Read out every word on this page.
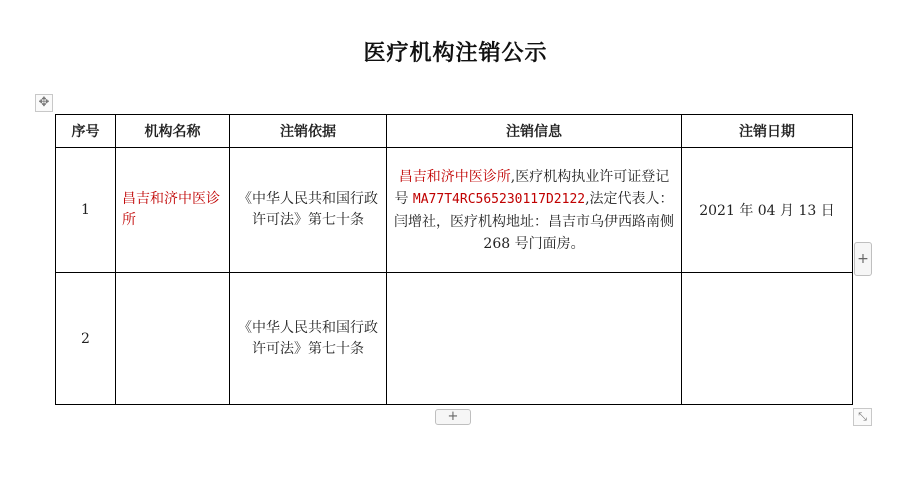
医疗机构注销公示
✥
序号	机构名称	注销依据	注销信息	注销日期
1	昌吉和济中医诊所	《中华人民共和国行政许可法》第七十条	昌吉和济中医诊所,医疗机构执业许可证登记号 MA77T4RC565230117D2122,法定代表人：闫增社，医疗机构地址：昌吉市乌伊西路南侧 268 号门面房。	2021 年 04 月 13 日
2		《中华人民共和国行政许可法》第七十条		
+
+	⤡
